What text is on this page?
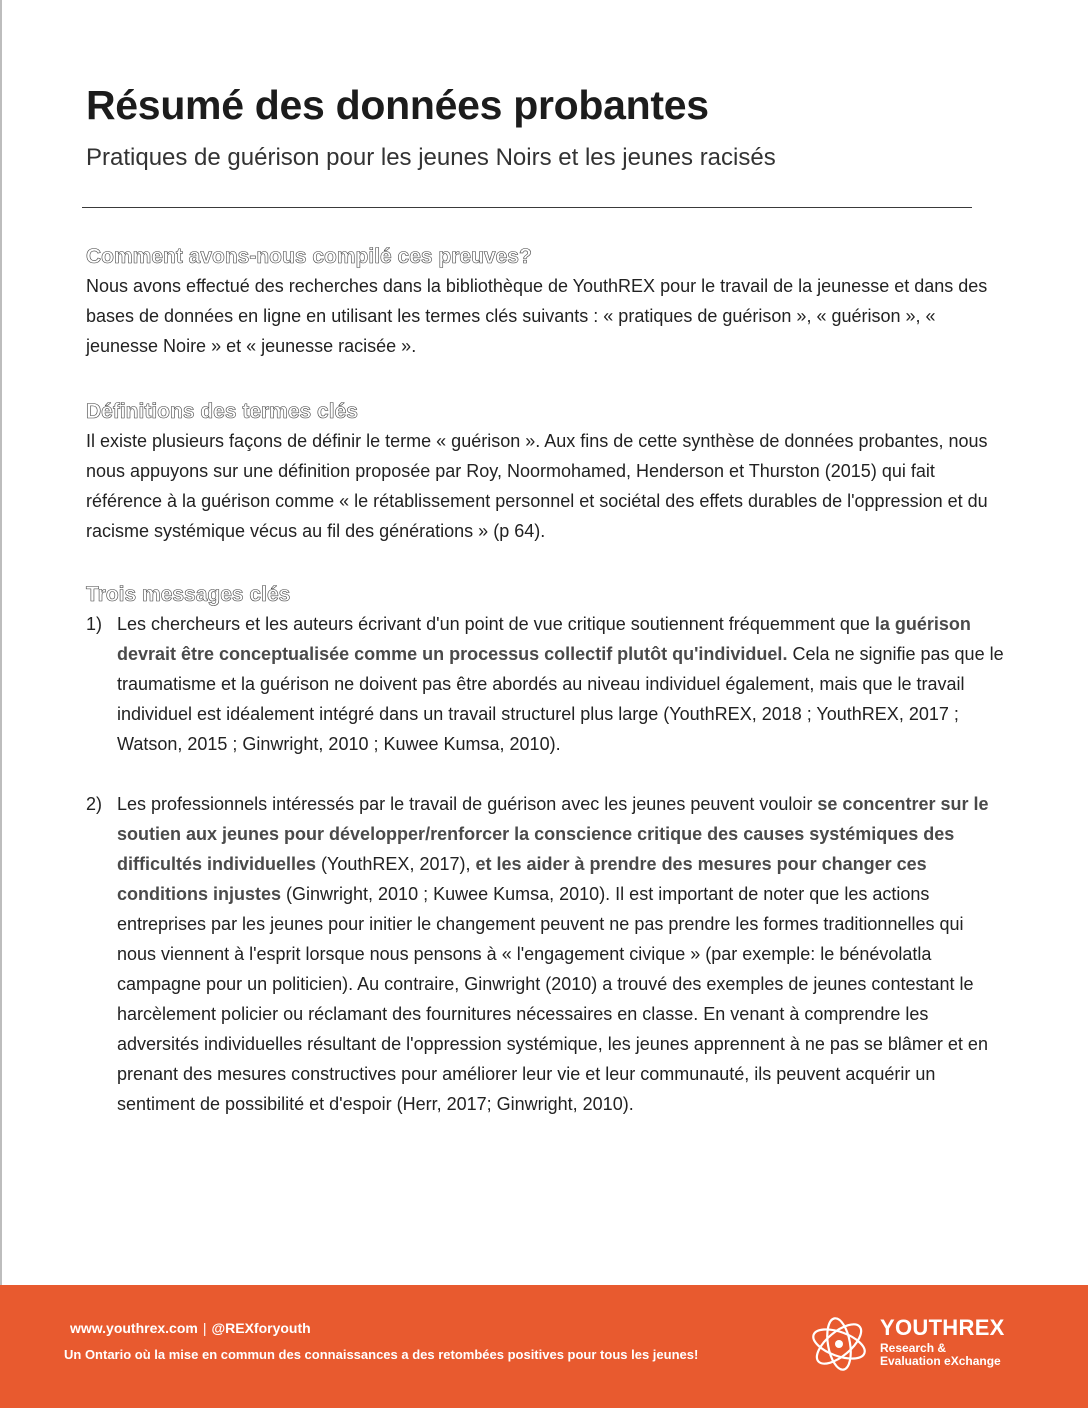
Résumé des données probantes

Pratiques de guérison pour les jeunes Noirs et les jeunes racisés

Comment avons-nous compilé ces preuves?

Nous avons effectué des recherches dans la bibliothèque de YouthREX pour le travail de la jeunesse et dans des bases de données en ligne en utilisant les termes clés suivants : « pratiques de guérison », « guérison », « jeunesse Noire » et « jeunesse racisée ».

Définitions des termes clés

Il existe plusieurs façons de définir le terme « guérison ». Aux fins de cette synthèse de données probantes, nous nous appuyons sur une définition proposée par Roy, Noormohamed, Henderson et Thurston (2015) qui fait référence à la guérison comme « le rétablissement personnel et sociétal des effets durables de l'oppression et du racisme systémique vécus au fil des générations » (p 64).

Trois messages clés
1) Les chercheurs et les auteurs écrivant d'un point de vue critique soutiennent fréquemment que la guérison devrait être conceptualisée comme un processus collectif plutôt qu'individuel. Cela ne signifie pas que le traumatisme et la guérison ne doivent pas être abordés au niveau individuel également, mais que le travail individuel est idéalement intégré dans un travail structurel plus large (YouthREX, 2018 ; YouthREX, 2017 ; Watson, 2015 ; Ginwright, 2010 ; Kuwee Kumsa, 2010).
2) Les professionnels intéressés par le travail de guérison avec les jeunes peuvent vouloir se concentrer sur le soutien aux jeunes pour développer/renforcer la conscience critique des causes systémiques des difficultés individuelles (YouthREX, 2017), et les aider à prendre des mesures pour changer ces conditions injustes (Ginwright, 2010 ; Kuwee Kumsa, 2010). Il est important de noter que les actions entreprises par les jeunes pour initier le changement peuvent ne pas prendre les formes traditionnelles qui nous viennent à l'esprit lorsque nous pensons à « l'engagement civique » (par exemple: le bénévolatla campagne pour un politicien). Au contraire, Ginwright (2010) a trouvé des exemples de jeunes contestant le harcèlement policier ou réclamant des fournitures nécessaires en classe. En venant à comprendre les adversités individuelles résultant de l'oppression systémique, les jeunes apprennent à ne pas se blâmer et en prenant des mesures constructives pour améliorer leur vie et leur communauté, ils peuvent acquérir un sentiment de possibilité et d'espoir (Herr, 2017; Ginwright, 2010).
www.youthrex.com | @REXforyouth
Un Ontario où la mise en commun des connaissances a des retombées positives pour tous les jeunes!
YOUTHREX
Research &
Evaluation eXchange
